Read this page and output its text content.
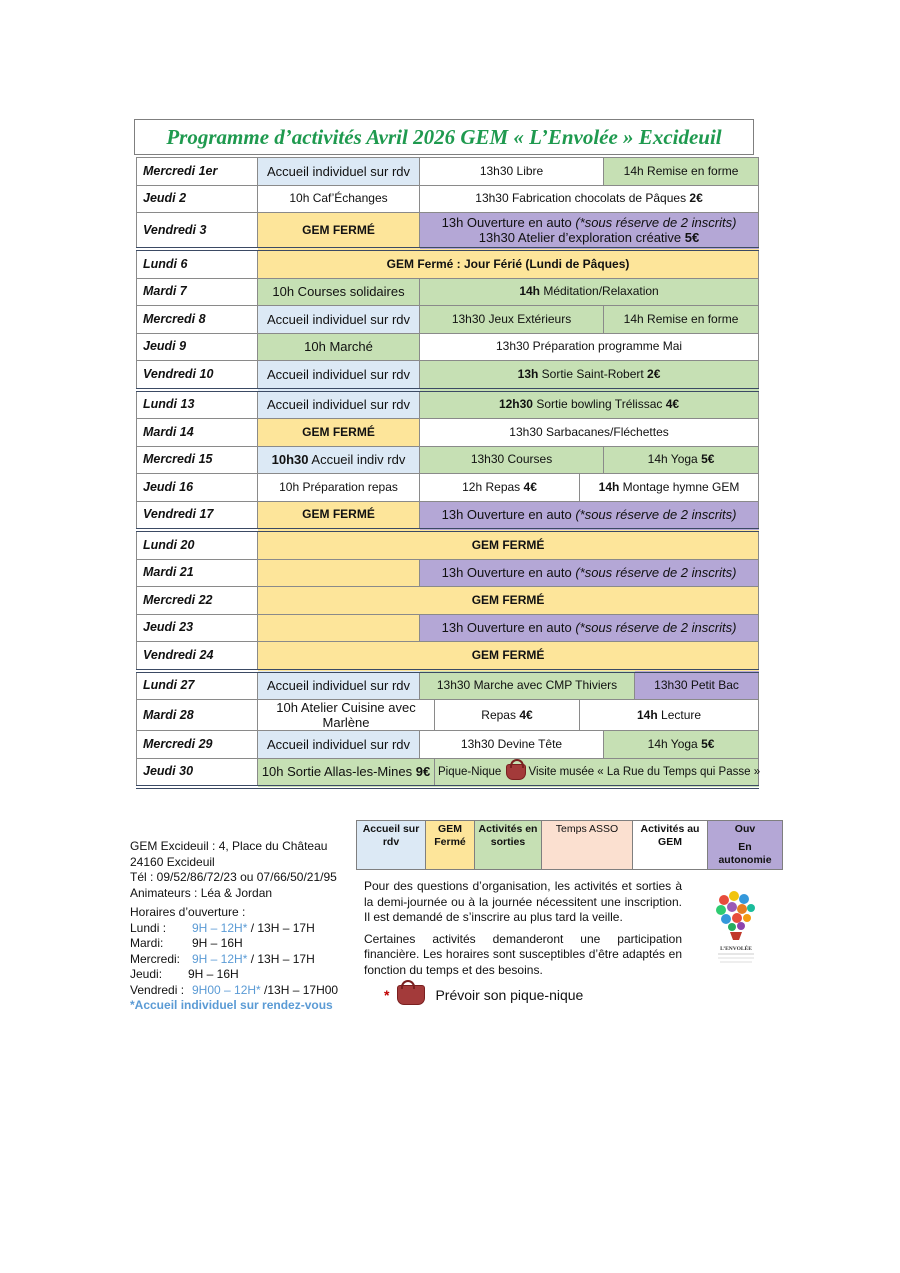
Programme d’activités Avril 2026 GEM « L’Envolée » Excideuil
Mercredi 1er	Accueil individuel sur rdv	13h30 Libre			14h Remise en forme	
Jeudi 2	10h Caf’Échanges	13h30 Fabrication chocolats de Pâques 2€				
Vendredi 3	GEM FERMÉ	13h Ouverture en auto (*sous réserve de 2 inscrits)
13h30 Atelier d’exploration créative 5€				
Lundi 6	GEM Fermé : Jour Férié (Lundi de Pâques)					
Mardi 7	10h Courses solidaires	14h Méditation/Relaxation				
Mercredi 8	Accueil individuel sur rdv	13h30 Jeux Extérieurs			14h Remise en forme	
Jeudi 9	10h Marché	13h30 Préparation programme Mai				
Vendredi 10	Accueil individuel sur rdv	13h Sortie Saint-Robert 2€				
Lundi 13	Accueil individuel sur rdv	12h30 Sortie bowling Trélissac 4€				
Mardi 14	GEM FERMÉ	13h30 Sarbacanes/Fléchettes				
Mercredi 15	10h30 Accueil indiv rdv	13h30 Courses			14h Yoga 5€	
Jeudi 16	10h Préparation repas	12h Repas 4€		14h Montage hymne GEM		
Vendredi 17	GEM FERMÉ	13h Ouverture en auto (*sous réserve de 2 inscrits)				
Lundi 20	GEM FERMÉ					
Mardi 21		13h Ouverture en auto (*sous réserve de 2 inscrits)				
Mercredi 22	GEM FERMÉ					
Jeudi 23		13h Ouverture en auto (*sous réserve de 2 inscrits)				
Vendredi 24	GEM FERMÉ					
Lundi 27	Accueil individuel sur rdv	13h30 Marche avec CMP Thiviers				13h30 Petit Bac
Mardi 28	10h Atelier Cuisine avec Marlène		Repas 4€	14h Lecture		
Mercredi 29	Accueil individuel sur rdv	13h30 Devine Tête			14h Yoga 5€	
Jeudi 30	10h Sortie Allas-les-Mines 9€		Pique-Nique Visite musée « La Rue du Temps qui Passe »			
GEM Excideuil : 4, Place du Château
24160 Excideuil
Tél : 09/52/86/72/23 ou 07/66/50/21/95
Animateurs : Léa & Jordan
Horaires d’ouverture :
Lundi : 9H – 12H* / 13H – 17H
Mardi: 9H – 16H
Mercredi: 9H – 12H* / 13H – 17H
Jeudi: 9H – 16H
Vendredi : 9H00 – 12H* /13H – 17H00
*Accueil individuel sur rendez-vous
Accueil sur rdv	GEM Fermé	Activités en sorties	Temps ASSO	Activités au GEM	
Ouv
En autonomie

Pour des questions d’organisation, les activités et sorties à la demi-journée ou à la journée nécessitent une inscription. Il est demandé de s’inscrire au plus tard la veille.

Certaines activités demanderont une participation financière. Les horaires sont susceptibles d’être adaptés en fonction du temps et des besoins.

*	Prévoir son pique-nique
L’ENVOLÉE
